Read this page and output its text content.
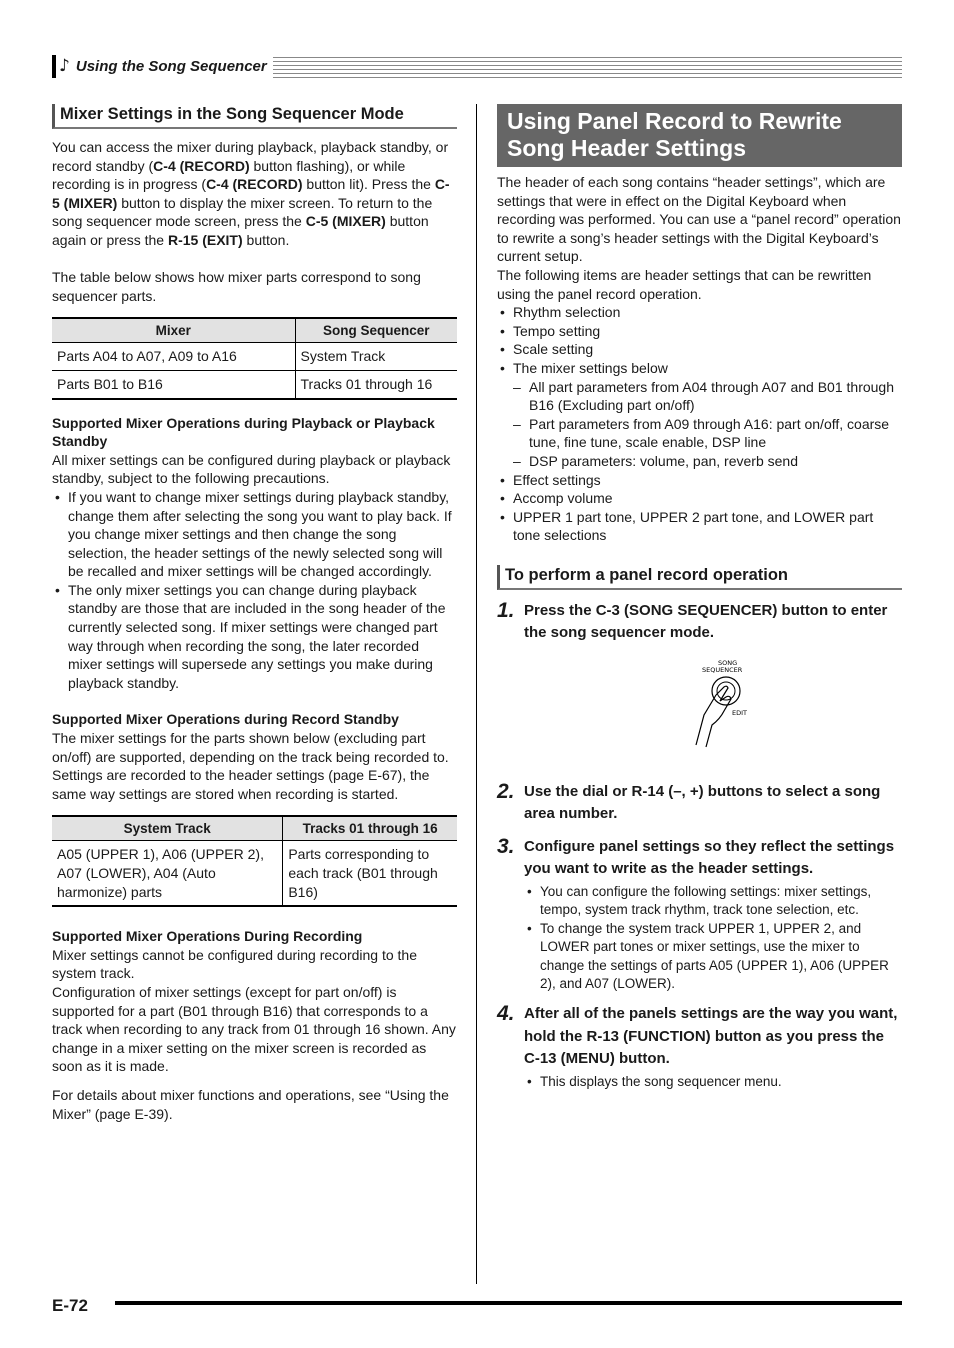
♪ Using the Song Sequencer
Mixer Settings in the Song Sequencer Mode

You can access the mixer during playback, playback standby, or record standby (C-4 (RECORD) button flashing), or while recording is in progress (C-4 (RECORD) button lit). Press the C-5 (MIXER) button to display the mixer screen. To return to the song sequencer mode screen, press the C-5 (MIXER) button again or press the R-15 (EXIT) button.

The table below shows how mixer parts correspond to song sequencer parts.

Mixer	Song Sequencer
Parts A04 to A07, A09 to A16	System Track
Parts B01 to B16	Tracks 01 through 16
Supported Mixer Operations during Playback or Playback Standby

All mixer settings can be configured during playback or playback standby, subject to the following precautions.

• If you want to change mixer settings during playback standby, change them after selecting the song you want to play back. If you change mixer settings and then change the song selection, the header settings of the newly selected song will be recalled and mixer settings will be changed accordingly.
• The only mixer settings you can change during playback standby are those that are included in the song header of the currently selected song. If mixer settings were changed part way through when recording the song, the later recorded mixer settings will supersede any settings you make during playback standby.
Supported Mixer Operations during Record Standby

The mixer settings for the parts shown below (excluding part on/off) are supported, depending on the track being recorded to. Settings are recorded to the header settings (page E-67), the same way settings are stored when recording is started.

System Track	Tracks 01 through 16
A05 (UPPER 1), A06 (UPPER 2), A07 (LOWER), A04 (Auto harmonize) parts	Parts corresponding to each track (B01 through B16)
Supported Mixer Operations During Recording

Mixer settings cannot be configured during recording to the system track.

Configuration of mixer settings (except for part on/off) is supported for a part (B01 through B16) that corresponds to a track when recording to any track from 01 through 16 shown. Any change in a mixer setting on the mixer screen is recorded as soon as it is made.

For details about mixer functions and operations, see “Using the Mixer” (page E-39).

Using Panel Record to Rewrite Song Header Settings

The header of each song contains “header settings”, which are settings that were in effect on the Digital Keyboard when recording was performed. You can use a “panel record” operation to rewrite a song’s header settings with the Digital Keyboard’s current setup.

The following items are header settings that can be rewritten using the panel record operation.

• Rhythm selection
• Tempo setting
• Scale setting
• The mixer settings below
– All part parameters from A04 through A07 and B01 through B16 (Excluding part on/off)
– Part parameters from A09 through A16: part on/off, coarse tune, fine tune, scale enable, DSP line
– DSP parameters: volume, pan, reverb send
• Effect settings
• Accomp volume
• UPPER 1 part tone, UPPER 2 part tone, and LOWER part tone selections
To perform a panel record operation
1. Press the C-3 (SONG SEQUENCER) button to enter the song sequencer mode.
SONG
SEQUENCER
EDIT
2. Use the dial or R-14 (–, +) buttons to select a song area number.
3. Configure panel settings so they reflect the settings you want to write as the header settings.
• You can configure the following settings: mixer settings, tempo, system track rhythm, track tone selection, etc.
• To change the system track UPPER 1, UPPER 2, and LOWER part tones or mixer settings, use the mixer to change the settings of parts A05 (UPPER 1), A06 (UPPER 2), and A07 (LOWER).
4. After all of the panels settings are the way you want, hold the R-13 (FUNCTION) button as you press the C-13 (MENU) button.
• This displays the song sequencer menu.
E-72
